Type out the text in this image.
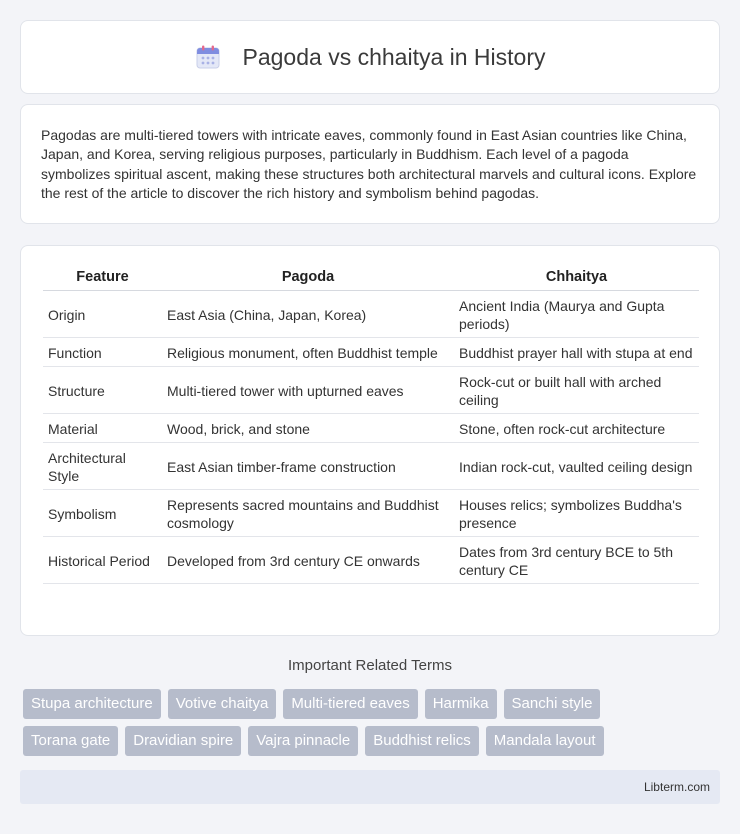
Pagoda vs chhaitya in History

Pagodas are multi-tiered towers with intricate eaves, commonly found in East Asian countries like China, Japan, and Korea, serving religious purposes, particularly in Buddhism. Each level of a pagoda symbolizes spiritual ascent, making these structures both architectural marvels and cultural icons. Explore the rest of the article to discover the rich history and symbolism behind pagodas.

Feature	Pagoda	Chhaitya
Origin	East Asia (China, Japan, Korea)	Ancient India (Maurya and Gupta periods)
Function	Religious monument, often Buddhist temple	Buddhist prayer hall with stupa at end
Structure	Multi-tiered tower with upturned eaves	Rock-cut or built hall with arched ceiling
Material	Wood, brick, and stone	Stone, often rock-cut architecture
Architectural Style	East Asian timber-frame construction	Indian rock-cut, vaulted ceiling design
Symbolism	Represents sacred mountains and Buddhist cosmology	Houses relics; symbolizes Buddha's presence
Historical Period	Developed from 3rd century CE onwards	Dates from 3rd century BCE to 5th century CE
Important Related Terms
Stupa architecture	Votive chaitya	Multi-tiered eaves	Harmika	Sanchi style
Torana gate	Dravidian spire	Vajra pinnacle	Buddhist relics	Mandala layout
Libterm.com
